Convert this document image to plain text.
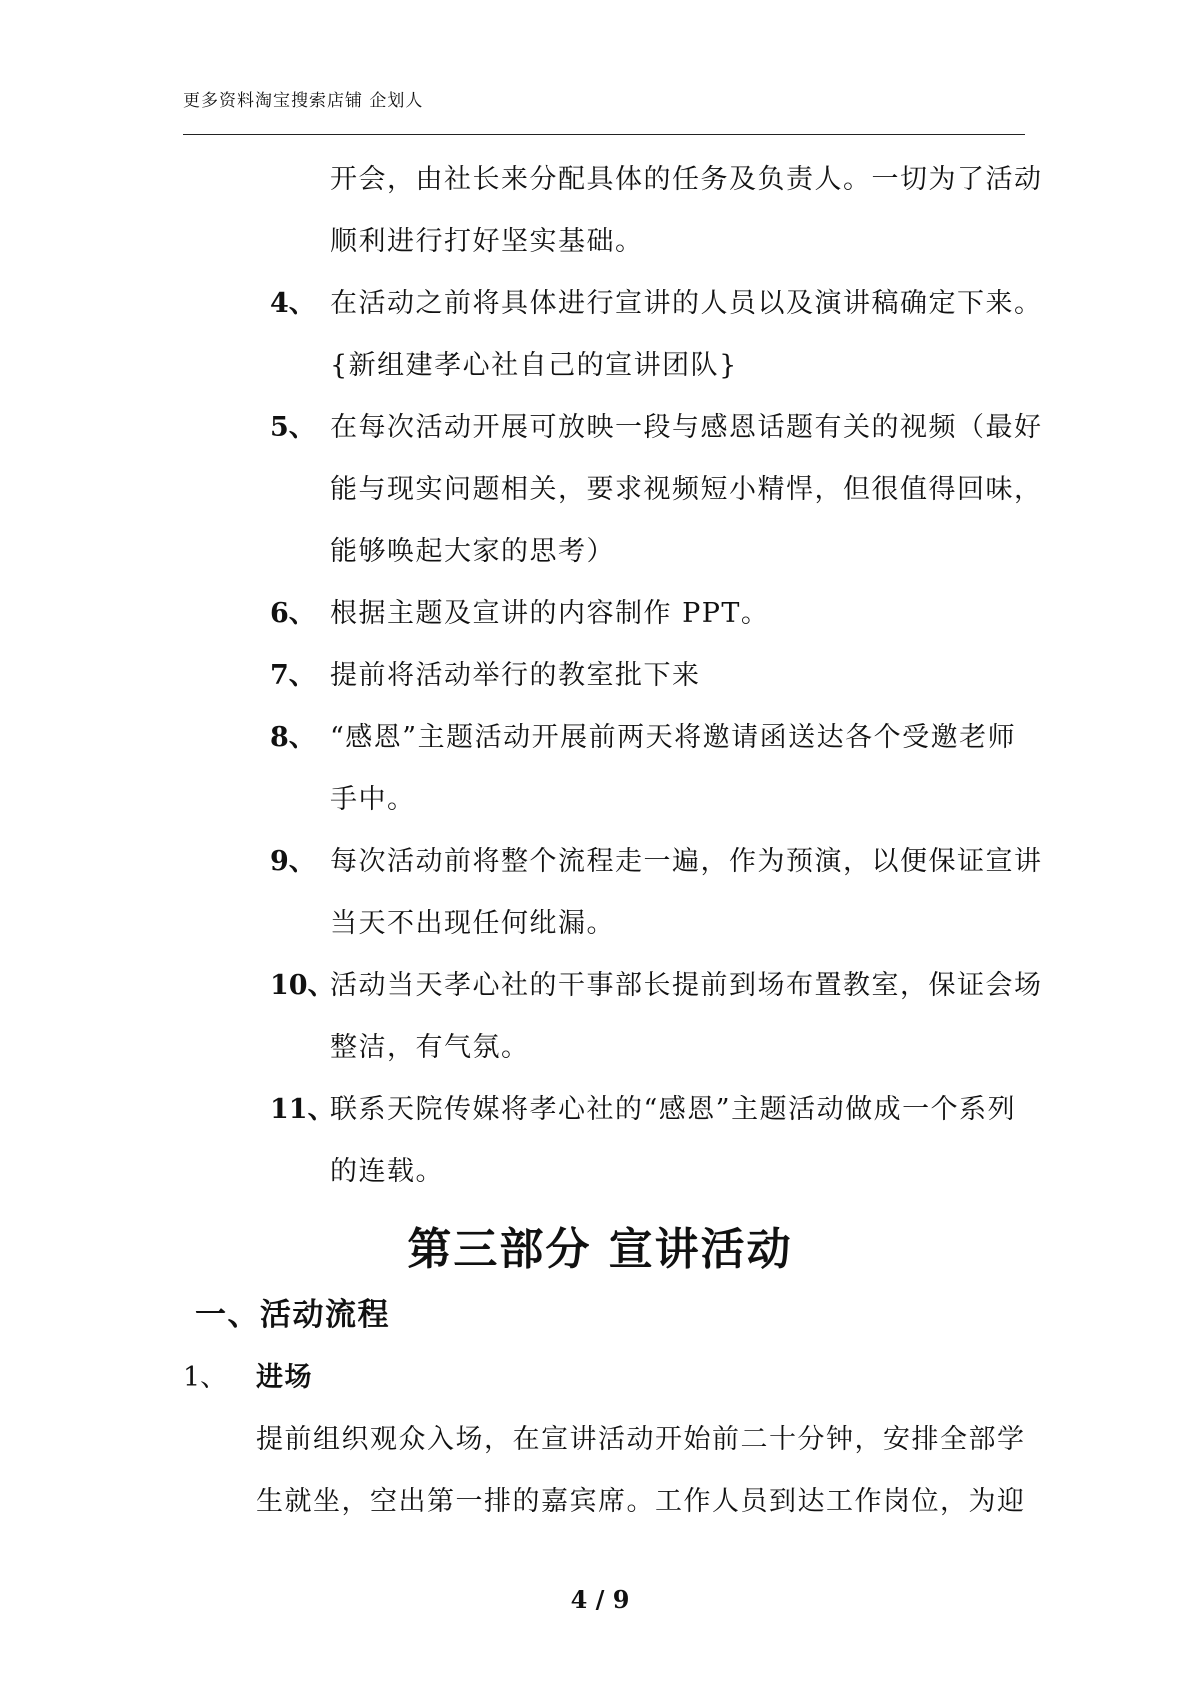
更多资料淘宝搜索店铺 企划人
开会，由社长来分配具体的任务及负责人。一切为了活动
顺利进行打好坚实基础。
4、 在活动之前将具体进行宣讲的人员以及演讲稿确定下来。
{新组建孝心社自己的宣讲团队}
5、 在每次活动开展可放映一段与感恩话题有关的视频（最好
能与现实问题相关，要求视频短小精悍，但很值得回味，
能够唤起大家的思考）
6、 根据主题及宣讲的内容制作 PPT。
7、 提前将活动举行的教室批下来
8、 “感恩”主题活动开展前两天将邀请函送达各个受邀老师
手中。
9、 每次活动前将整个流程走一遍，作为预演，以便保证宣讲
当天不出现任何纰漏。
10、
活动当天孝心社的干事部长提前到场布置教室，保证会场
整洁，有气氛。
11、
联系天院传媒将孝心社的“感恩”主题活动做成一个系列
的连载。
第三部分 宣讲活动
一、活动流程
1、 进场
提前组织观众入场，在宣讲活动开始前二十分钟，安排全部学
生就坐，空出第一排的嘉宾席。工作人员到达工作岗位，为迎
4 / 9
